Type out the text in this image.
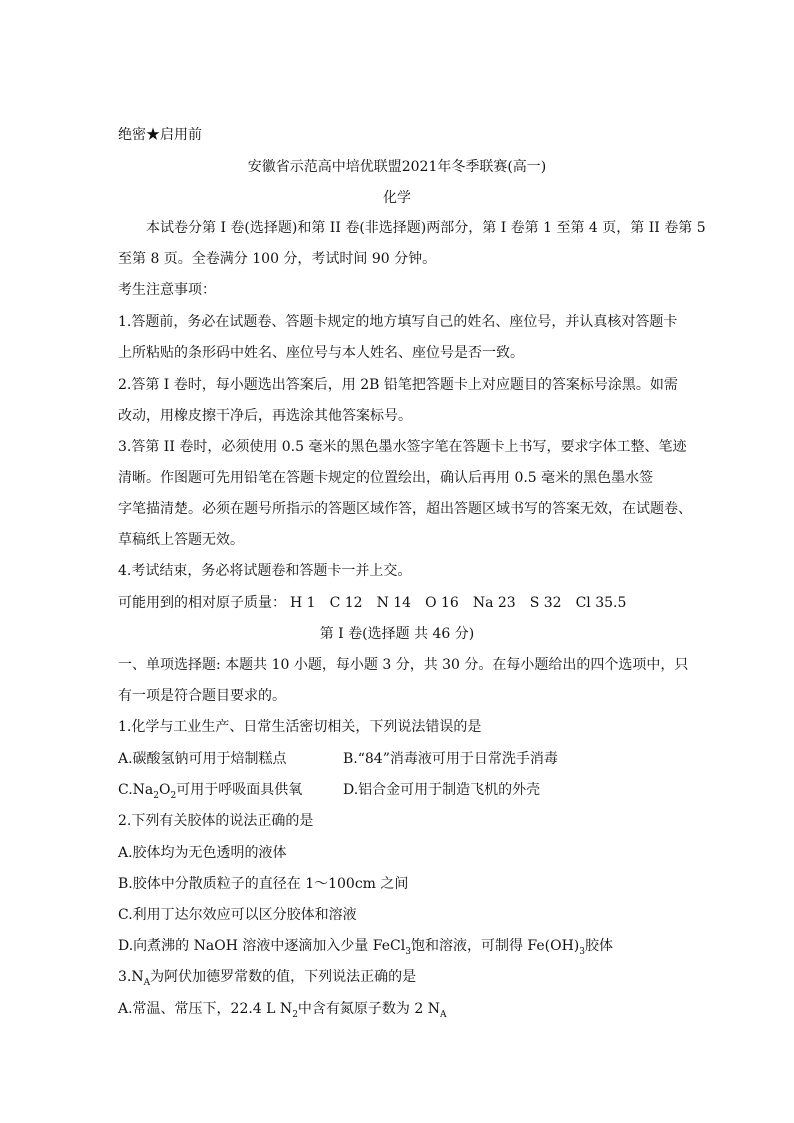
绝密★启用前
安徽省示范高中培优联盟2021年冬季联赛(高一)
化学
本试卷分第 I 卷(选择题)和第 II 卷(非选择题)两部分，第 I 卷第 1 至第 4 页，第 II 卷第 5
至第 8 页。全卷满分 100 分，考试时间 90 分钟。
考生注意事项：
1.答题前，务必在试题卷、答题卡规定的地方填写自己的姓名、座位号，并认真核对答题卡
上所粘贴的条形码中姓名、座位号与本人姓名、座位号是否一致。
2.答第 I 卷时，每小题选出答案后，用 2B 铅笔把答题卡上对应题目的答案标号涂黑。如需
改动，用橡皮擦干净后，再选涂其他答案标号。
3.答第 II 卷时，必须使用 0.5 毫米的黑色墨水签字笔在答题卡上书写，要求字体工整、笔迹
清晰。作图题可先用铅笔在答题卡规定的位置绘出，确认后再用 0.5 毫米的黑色墨水签
字笔描清楚。必须在题号所指示的答题区域作答，超出答题区域书写的答案无效，在试题卷、
草稿纸上答题无效。
4.考试结束，务必将试题卷和答题卡一并上交。
可能用到的相对原子质量： H 1 C 12 N 14 O 16 Na 23 S 32 Cl 35.5
第 I 卷(选择题 共 46 分)
一、单项选择题: 本题共 10 小题，每小题 3 分，共 30 分。在每小题给出的四个选项中，只
有一项是符合题目要求的。
1.化学与工业生产、日常生活密切相关，下列说法错误的是
A.碳酸氢钠可用于焙制糕点	B.“84”消毒液可用于日常洗手消毒
$C.Na_2O_2$可用于呼吸面具供氧	D.铝合金可用于制造飞机的外壳
2.下列有关胶体的说法正确的是
A.胶体均为无色透明的液体
B.胶体中分散质粒子的直径在 1～100cm 之间
C.利用丁达尔效应可以区分胶体和溶液
D.向煮沸的 NaOH 溶液中逐滴加入少量 FeCl$_3$饱和溶液，可制得 $Fe(OH)_3$胶体
$3.N_A$为阿伏加德罗常数的值，下列说法正确的是
A.常温、常压下，22.4 L $N_2$中含有氮原子数为 2 $N_A$
